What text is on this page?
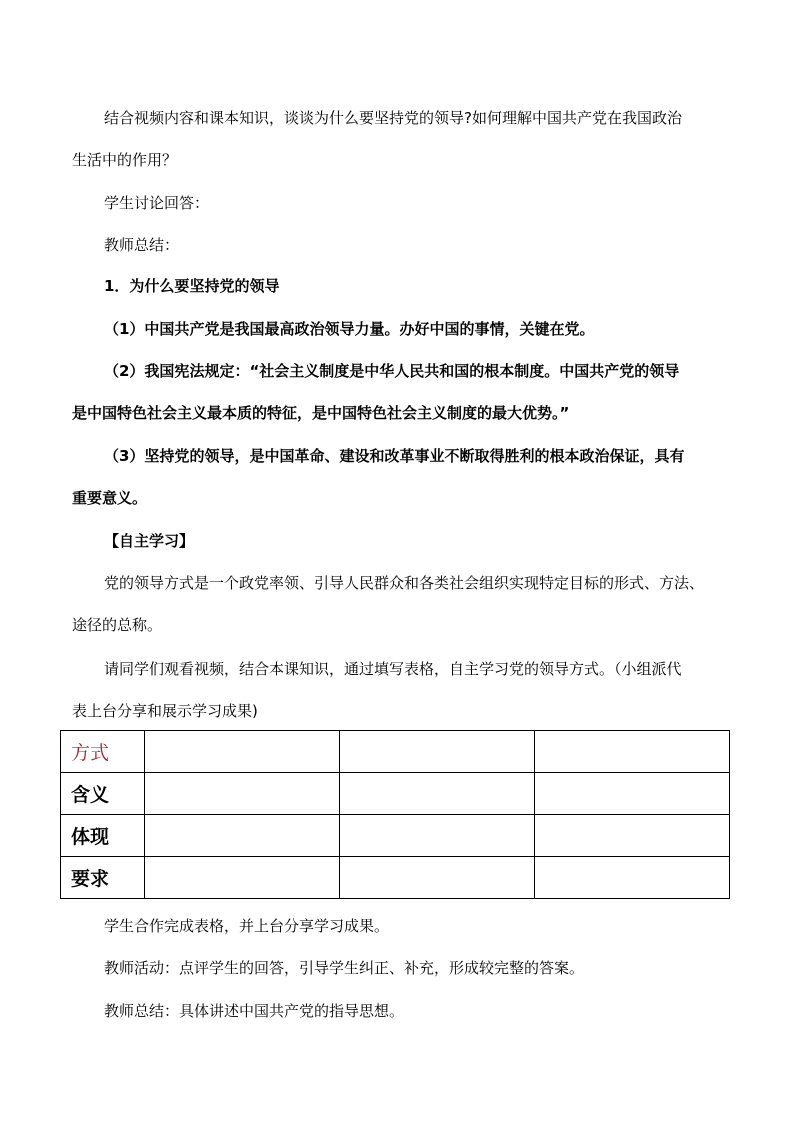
结合视频内容和课本知识，谈谈为什么要坚持党的领导?如何理解中国共产党在我国政治
生活中的作用？
学生讨论回答：
教师总结：
1．为什么要坚持党的领导
（1）中国共产党是我国最高政治领导力量。办好中国的事情，关键在党。
（2）我国宪法规定：“社会主义制度是中华人民共和国的根本制度。中国共产党的领导
是中国特色社会主义最本质的特征，是中国特色社会主义制度的最大优势。”
（3）坚持党的领导，是中国革命、建设和改革事业不断取得胜利的根本政治保证，具有
重要意义。
【自主学习】
党的领导方式是一个政党率领、引导人民群众和各类社会组织实现特定目标的形式、方法、
途径的总称。
请同学们观看视频，结合本课知识，通过填写表格，自主学习党的领导方式。（小组派代
表上台分享和展示学习成果)
方式			
含义			
体现			
要求			
学生合作完成表格，并上台分享学习成果。
教师活动：点评学生的回答，引导学生纠正、补充，形成较完整的答案。
教师总结：具体讲述中国共产党的指导思想。
